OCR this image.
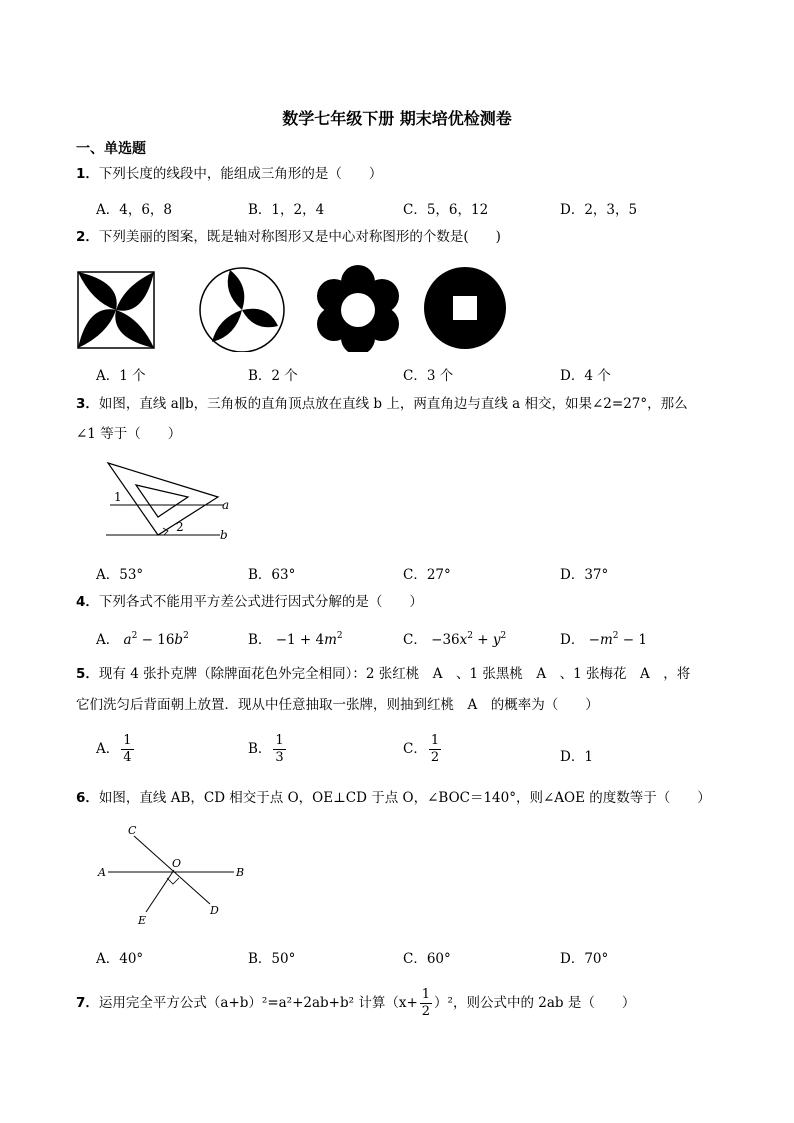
数学七年级下册 期末培优检测卷
一、单选题
1．下列长度的线段中，能组成三角形的是（　　）
A．4，6，8	B．1，2，4	C．5，6，12	D．2，3，5
2．下列美丽的图案，既是轴对称图形又是中心对称图形的个数是(　　)
A．1 个	B．2 个	C．3 个	D．4 个
3．如图，直线 a∥b，三角板的直角顶点放在直线 b 上，两直角边与直线 a 相交，如果∠2=27°，那么
∠1 等于（　　）
1
2
a
b
A．53°	B．63°	C．27°	D．37°
4．下列各式不能用平方差公式进行因式分解的是（　　）
A． $a^2 - 16b^2$	B． $-1 + 4m^2$	C． $-36x^2 + y^2$	D． $-m^2 - 1$
5．现有 4 张扑克牌（除牌面花色外完全相同）：2 张红桃　A　、1 张黑桃　A　、1 张梅花　A　，将
它们洗匀后背面朝上放置．现从中任意抽取一张牌，则抽到红桃　A　的概率为（　　）
A． $\frac{1}{4}$	B． $\frac{1}{3}$	C． $\frac{1}{2}$	D．1
6．如图，直线 AB，CD 相交于点 O，OE⊥CD 于点 O，∠BOC＝140°，则∠AOE 的度数等于（　　）
C
O
A	B
E
D
A．40°	B．50°	C．60°	D．70°
7．运用完全平方公式（a+b）²=a²+2ab+b² 计算$(x+ \frac{1}{2} )^2$，则公式中的 2ab 是（　　）
